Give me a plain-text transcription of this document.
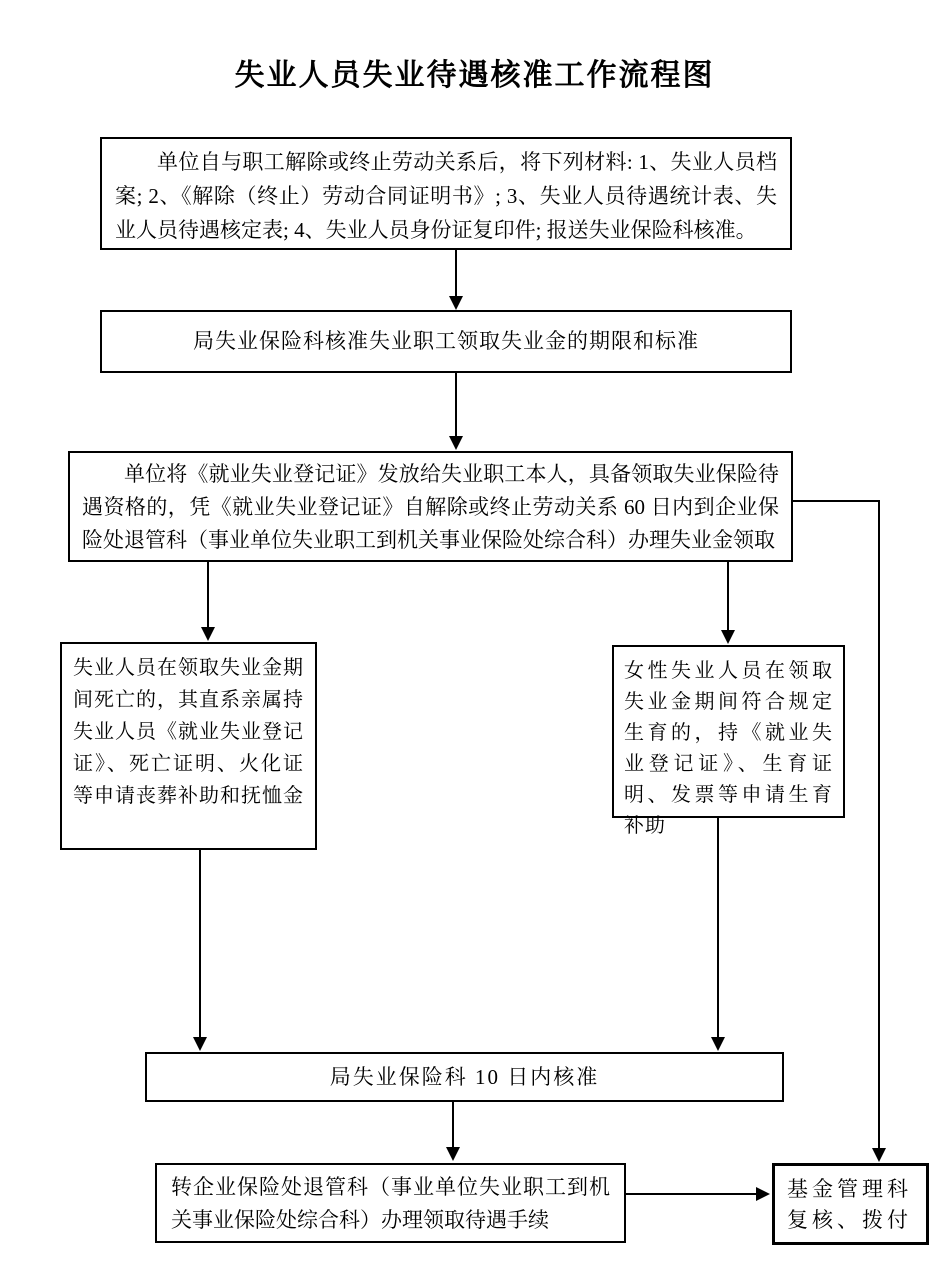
失业人员失业待遇核准工作流程图
单位自与职工解除或终止劳动关系后，将下列材料: 1、失业人员档案; 2、《解除（终止）劳动合同证明书》; 3、失业人员待遇统计表、失业人员待遇核定表; 4、失业人员身份证复印件; 报送失业保险科核准。
局失业保险科核准失业职工领取失业金的期限和标准
单位将《就业失业登记证》发放给失业职工本人，具备领取失业保险待遇资格的，凭《就业失业登记证》自解除或终止劳动关系 60 日内到企业保险处退管科（事业单位失业职工到机关事业保险处综合科）办理失业金领取
失业人员在领取失业金期间死亡的，其直系亲属持失业人员《就业失业登记证》、死亡证明、火化证等申请丧葬补助和抚恤金
女性失业人员在领取失业金期间符合规定生育的，持《就业失业登记证》、生育证明、发票等申请生育补助
局失业保险科 10 日内核准
转企业保险处退管科（事业单位失业职工到机关事业保险处综合科）办理领取待遇手续
基金管理科
复核、拨付
